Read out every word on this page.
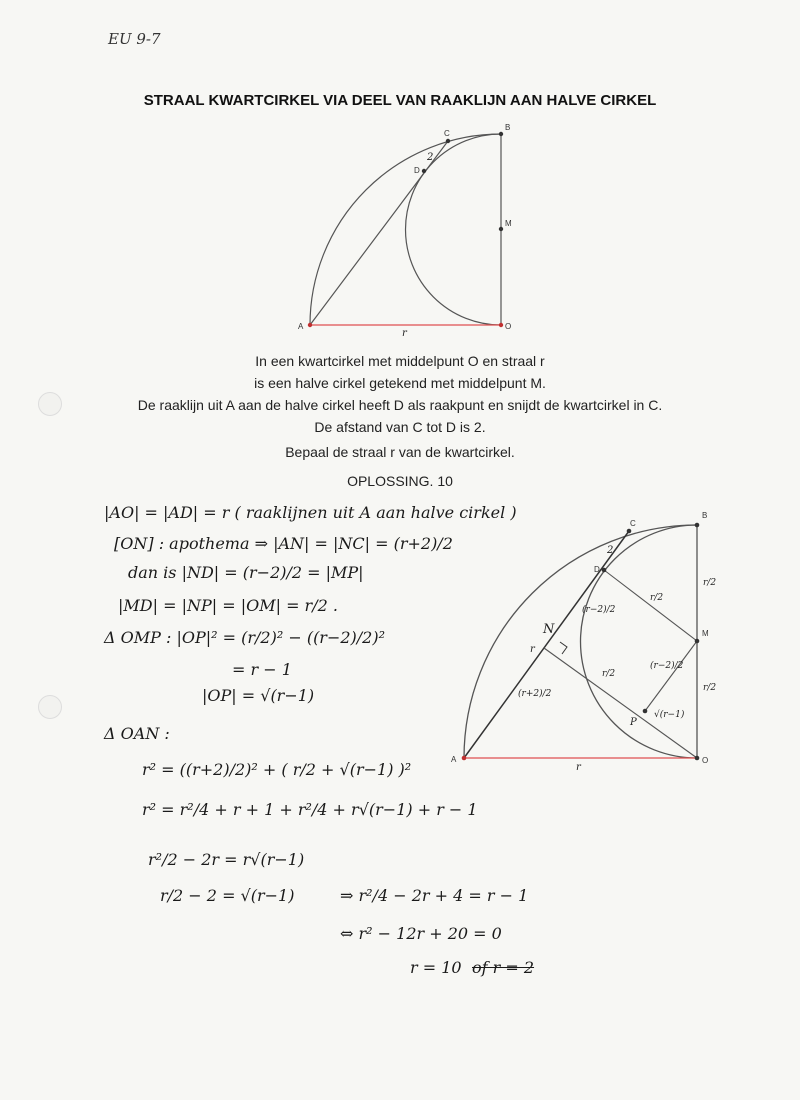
EU 9-7
STRAAL KWARTCIRKEL VIA DEEL VAN RAAKLIJN AAN HALVE CIRKEL
A	O
B
M
C
D
2
r

In een kwartcirkel met middelpunt O en straal r

is een halve cirkel getekend met middelpunt M.

De raaklijn uit A aan de halve cirkel heeft D als raakpunt en snijdt de kwartcirkel in C.

De afstand van C tot D is 2.

Bepaal de straal r van de kwartcirkel.
OPLOSSING. 10
|AO| = |AD| = r ( raaklijnen uit A aan halve cirkel )
[ON] : apothema ⇒ |AN| = |NC| = (r+2)/2
dan is |ND| = (r−2)/2 = |MP|
|MD| = |NP| = |OM| = r/2 .
Δ OMP : |OP|² = (r/2)² − ((r−2)/2)²
= r − 1
|OP| = √(r−1)
Δ OAN :
r² = ((r+2)/2)² + ( r/2 + √(r−1) )²
r² = r²/4 + r + 1 + r²/4 + r√(r−1) + r − 1
r²/2 − 2r = r√(r−1)
r/2 − 2 = √(r−1)	⇒ r²/4 − 2r + 4 = r − 1
⇔ r² − 12r + 20 = 0
r = 10 of r = 2
A	O
B
M
C
D
N
P
2
r
(r+2)/2
(r−2)/2
r/2
r/2
r/2
r/2
(r−2)/2
√(r−1)
r
